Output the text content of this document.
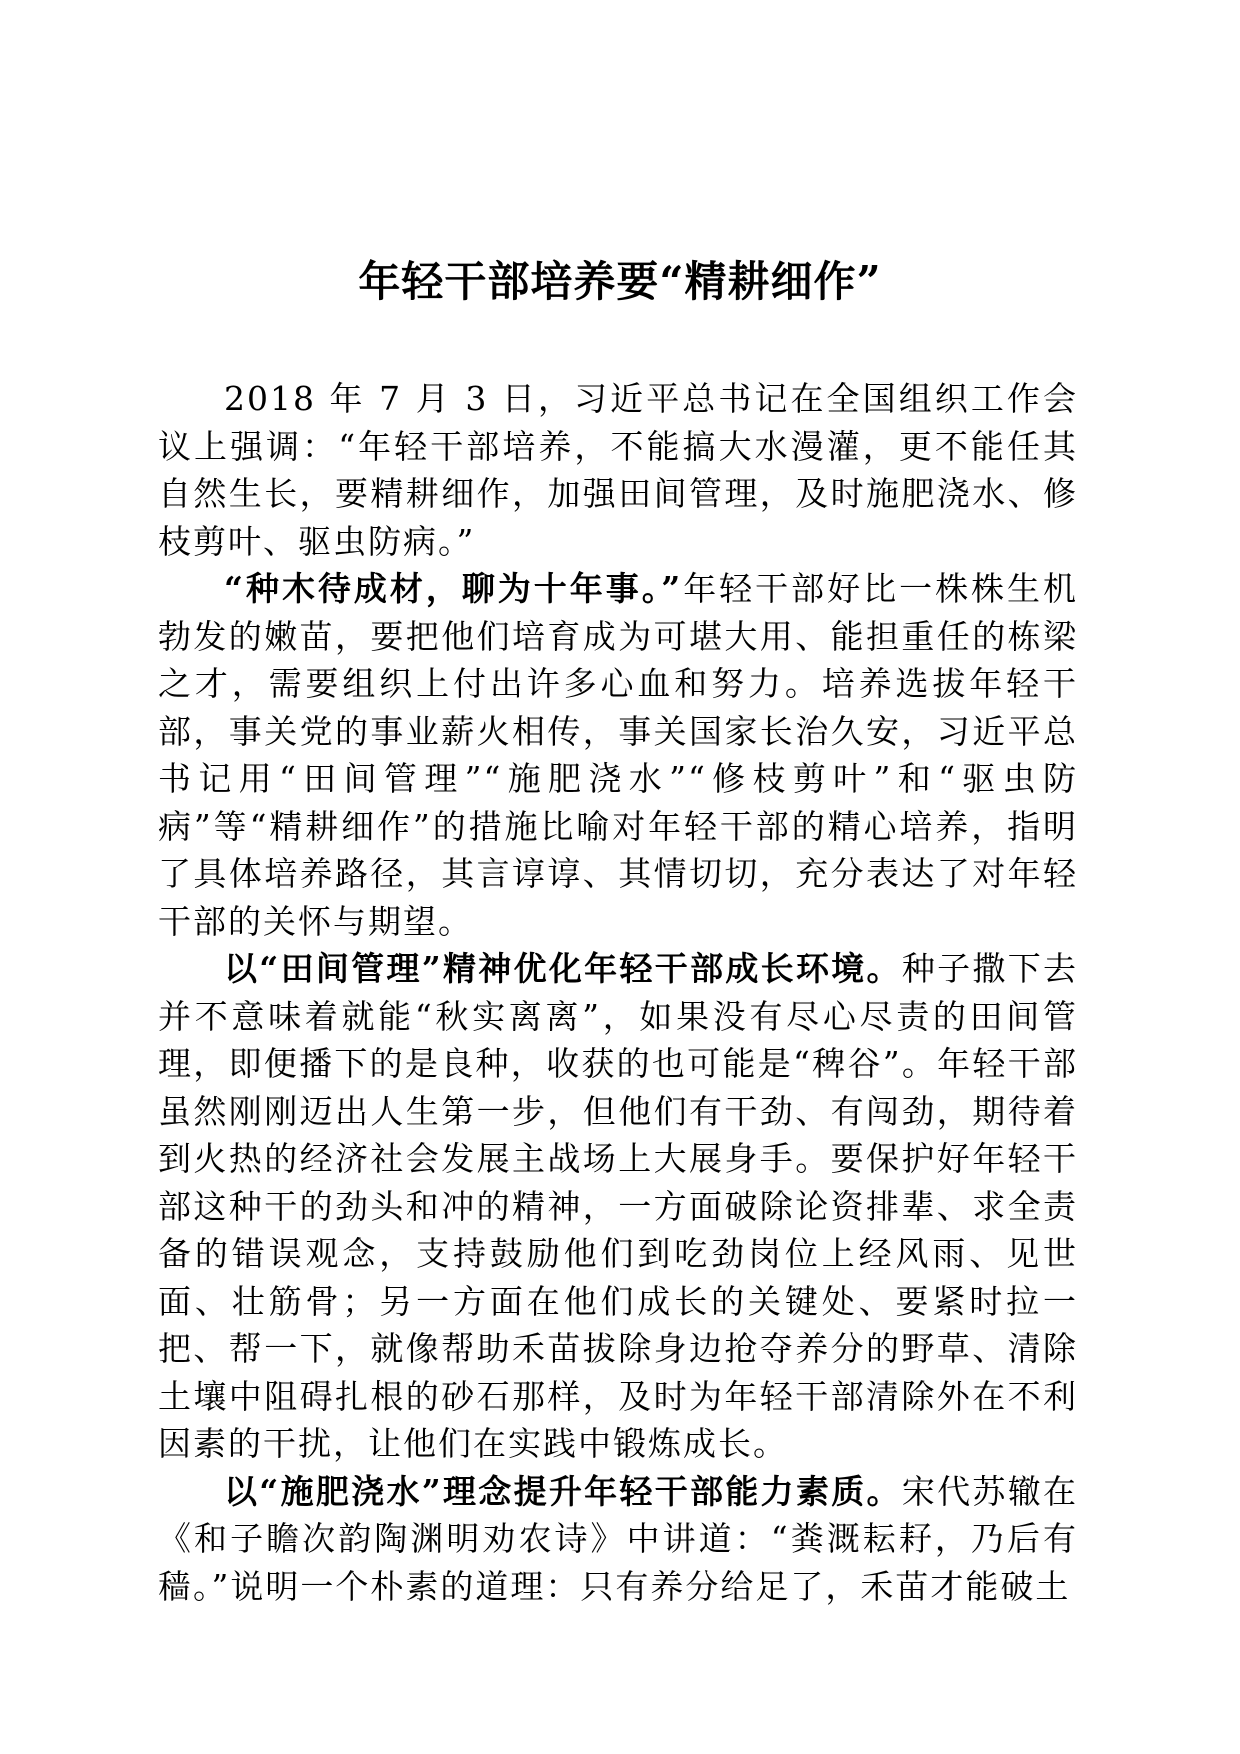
年轻干部培养要“精耕细作”

2018 年 7 月 3 日，习近平总书记在全国组织工作会议上强调：“年轻干部培养，不能搞大水漫灌，更不能任其自然生长，要精耕细作，加强田间管理，及时施肥浇水、修枝剪叶、驱虫防病。”

“种木待成材，聊为十年事。”年轻干部好比一株株生机勃发的嫩苗，要把他们培育成为可堪大用、能担重任的栋梁之才，需要组织上付出许多心血和努力。培养选拔年轻干部，事关党的事业薪火相传，事关国家长治久安，习近平总书记用“田间管理”“施肥浇水”“修枝剪叶”和“驱虫防病”等“精耕细作”的措施比喻对年轻干部的精心培养，指明了具体培养路径，其言谆谆、其情切切，充分表达了对年轻干部的关怀与期望。

以“田间管理”精神优化年轻干部成长环境。种子撒下去并不意味着就能“秋实离离”，如果没有尽心尽责的田间管理，即便播下的是良种，收获的也可能是“稗谷”。年轻干部虽然刚刚迈出人生第一步，但他们有干劲、有闯劲，期待着到火热的经济社会发展主战场上大展身手。要保护好年轻干部这种干的劲头和冲的精神，一方面破除论资排辈、求全责备的错误观念，支持鼓励他们到吃劲岗位上经风雨、见世面、壮筋骨；另一方面在他们成长的关键处、要紧时拉一把、帮一下，就像帮助禾苗拔除身边抢夺养分的野草、清除土壤中阻碍扎根的砂石那样，及时为年轻干部清除外在不利因素的干扰，让他们在实践中锻炼成长。

以“施肥浇水”理念提升年轻干部能力素质。宋代苏辙在《和子瞻次韵陶渊明劝农诗》中讲道：“粪溉耘耔，乃后有穑。”说明一个朴素的道理：只有养分给足了，禾苗才能破土
